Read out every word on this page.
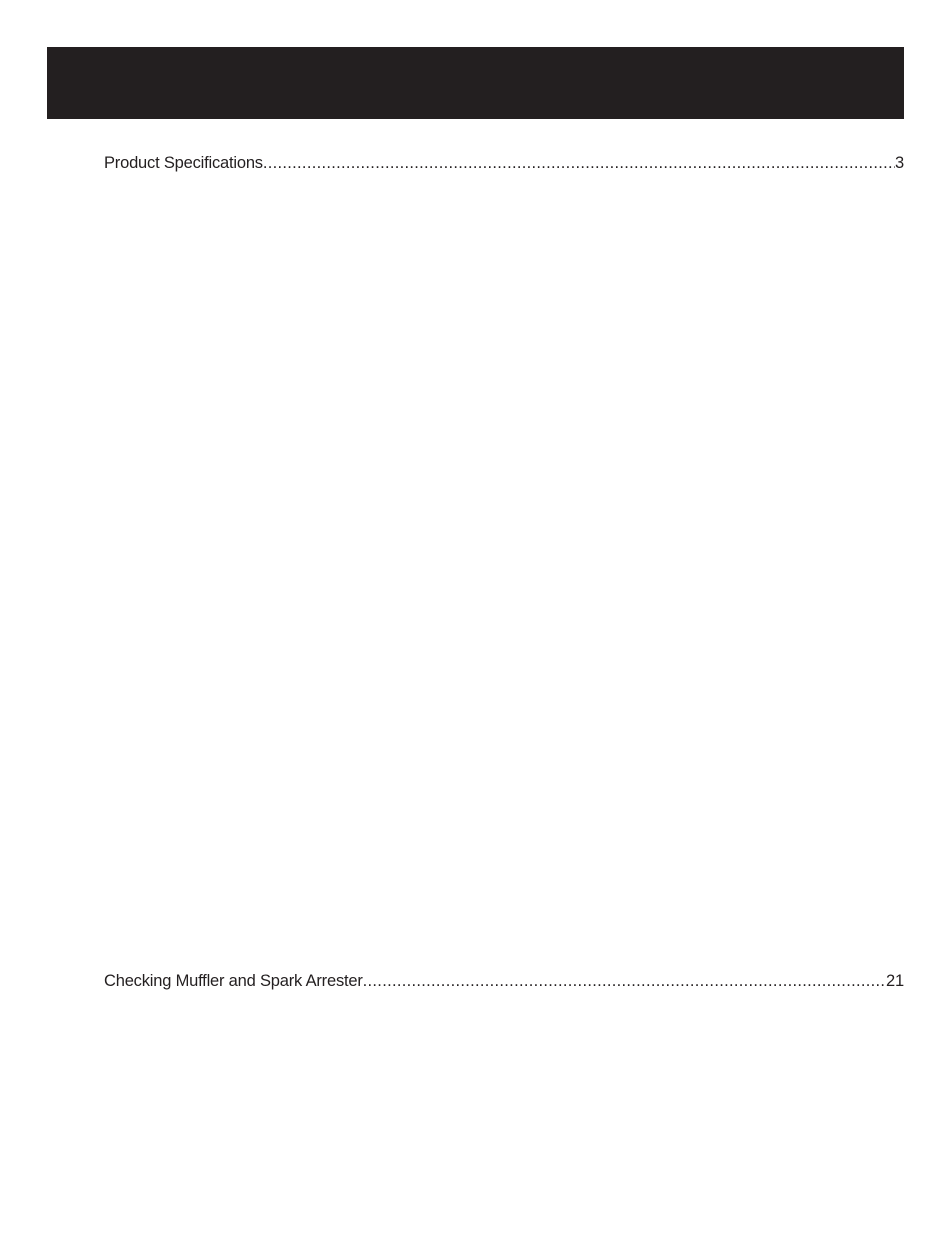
Product Specifications .....	3
Checking Muffler and Spark Arrester .....	21
